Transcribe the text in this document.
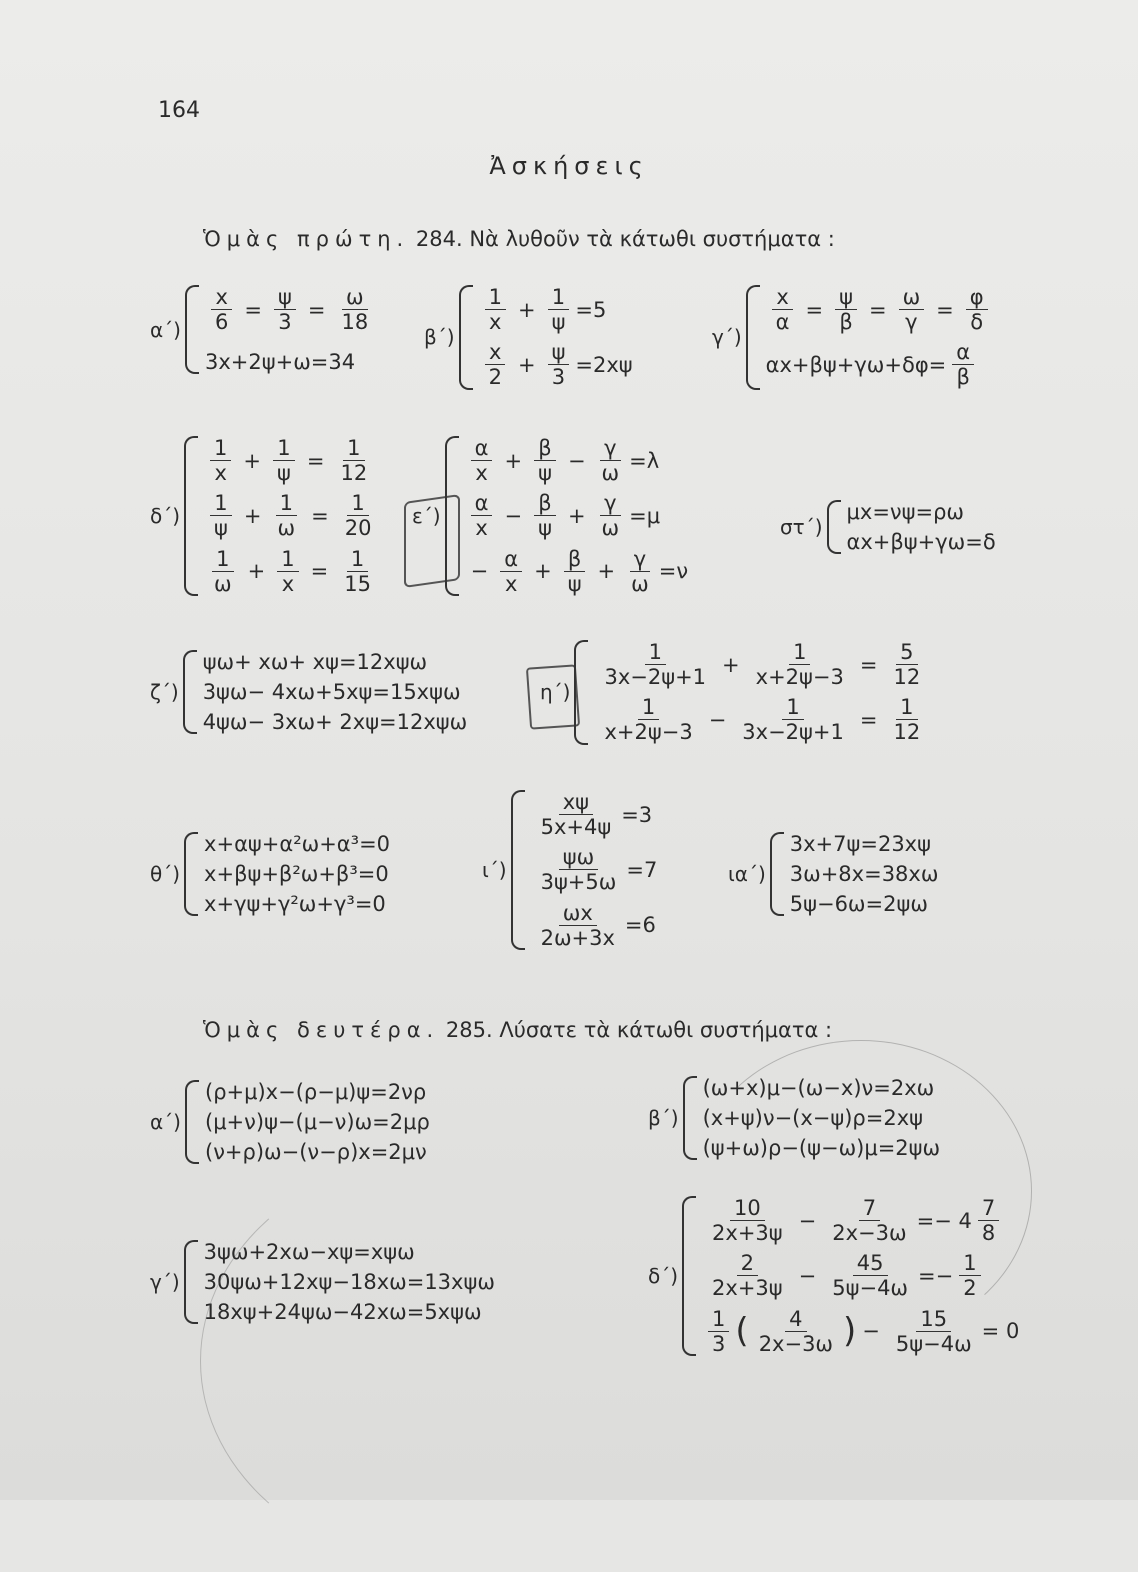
164
Ἀσκήσεις
Ὁμὰς πρώτη. 284. Νὰ λυθοῦν τὰ κάτωθι συστήματα :
$\alpha΄) \frac{x}{6} = \frac{\psi}{3} = \frac{\omega}{18}$
3x+2ψ+ω=34
β΄)
$\frac{1}{x} + \frac{1}{\psi} =5$
$\frac{x}{2} + \frac{\psi}{3} =2x\psi$
γ΄)
$\frac{x}{\alpha} = \frac{\psi}{\beta} = \frac{\omega}{\gamma} = \frac{\varphi}{\delta}$
$\alpha x+\beta\psi+\gamma\omega+\delta\varphi= \frac{\alpha}{\beta}$
δ΄)
$\frac{1}{x} + \frac{1}{\psi} = \frac{1}{12}$
$\frac{1}{\psi} + \frac{1}{\omega} = \frac{1}{20}$
$\frac{1}{\omega} + \frac{1}{x} = \frac{1}{15}$
ε΄)
$\frac{\alpha}{x} + \frac{\beta}{\psi} - \frac{\gamma}{\omega} =\lambda$
$\frac{\alpha}{x} - \frac{\beta}{\psi} + \frac{\gamma}{\omega} =\mu$
− $\frac{\alpha}{x} + \frac{\beta}{\psi} + \frac{\gamma}{\omega} =\nu$
στ΄)
μx=νψ=ρω
αx+βψ+γω=δ
ζ΄)
ψω+ xω+ xψ=12xψω
3ψω− 4xω+5xψ=15xψω
4ψω− 3xω+ 2xψ=12xψω
η΄)
$\frac{1}{3x-2\psi+1} + \frac{1}{x+2\psi-3} = \frac{5}{12}$
$\frac{1}{x+2\psi-3} - \frac{1}{3x-2\psi+1} = \frac{1}{12}$
θ΄)
x+αψ+α²ω+α³=0
x+βψ+β²ω+β³=0
x+γψ+γ²ω+γ³=0
ι΄)
$\frac{x\psi}{5x+4\psi} =3$
$\frac{\psi\omega}{3\psi+5\omega} =7$
$\frac{\omega x}{2\omega+3x} =6$
ια΄)
3x+7ψ=23xψ
3ω+8x=38xω
5ψ−6ω=2ψω
Ὁμὰς δευτέρα. 285. Λύσατε τὰ κάτωθι συστήματα :
α΄)
(ρ+μ)x−(ρ−μ)ψ=2νρ
(μ+ν)ψ−(μ−ν)ω=2μρ
(ν+ρ)ω−(ν−ρ)x=2μν
β΄)
(ω+x)μ−(ω−x)ν=2xω
(x+ψ)ν−(x−ψ)ρ=2xψ
(ψ+ω)ρ−(ψ−ω)μ=2ψω
γ΄)
3ψω+2xω−xψ=xψω
30ψω+12xψ−18xω=13xψω
18xψ+24ψω−42xω=5xψω
δ΄)
$\frac{10}{2x+3\psi} - \frac{7}{2x-3\omega} =- 4 \frac{7}{8}$
$\frac{2}{2x+3\psi} - \frac{45}{5\psi-4\omega} =- \frac{1}{2}$
$\frac{1}{3}$ ( $\frac{4}{2x-3\omega}$ ) − $\frac{15}{5\psi-4\omega} = 0$
